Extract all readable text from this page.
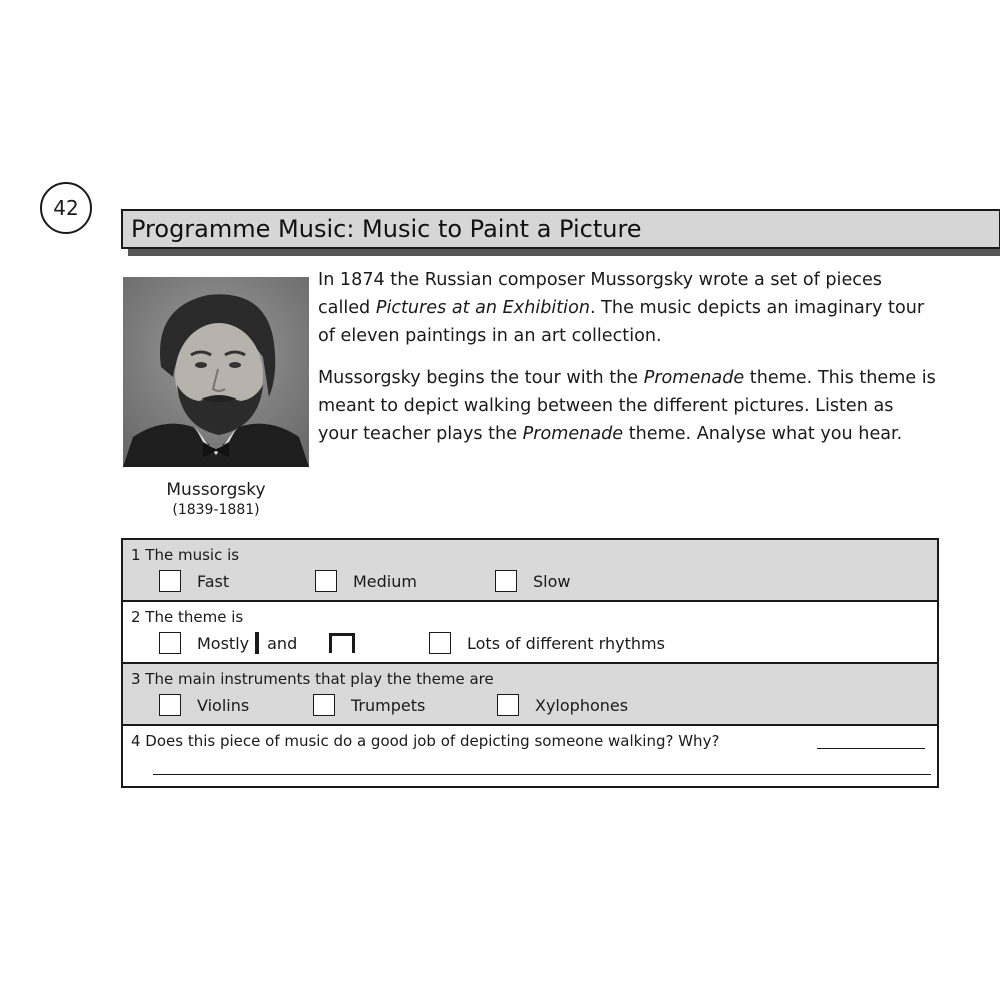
42
Programme Music: Music to Paint a Picture
Mussorgsky
(1839-1881)

In 1874 the Russian composer Mussorgsky wrote a set of pieces called Pictures at an Exhibition. The music depicts an imaginary tour of eleven paintings in an art collection.

Mussorgsky begins the tour with the Promenade theme. This theme is meant to depict walking between the different pictures. Listen as your teacher plays the Promenade theme. Analyse what you hear.

1 The music is
Fast	Medium	Slow
2 The theme is
Mostly and	Lots of different rhythms
3 The main instruments that play the theme are
Violins	Trumpets	Xylophones
4 Does this piece of music do a good job of depicting someone walking? Why?
